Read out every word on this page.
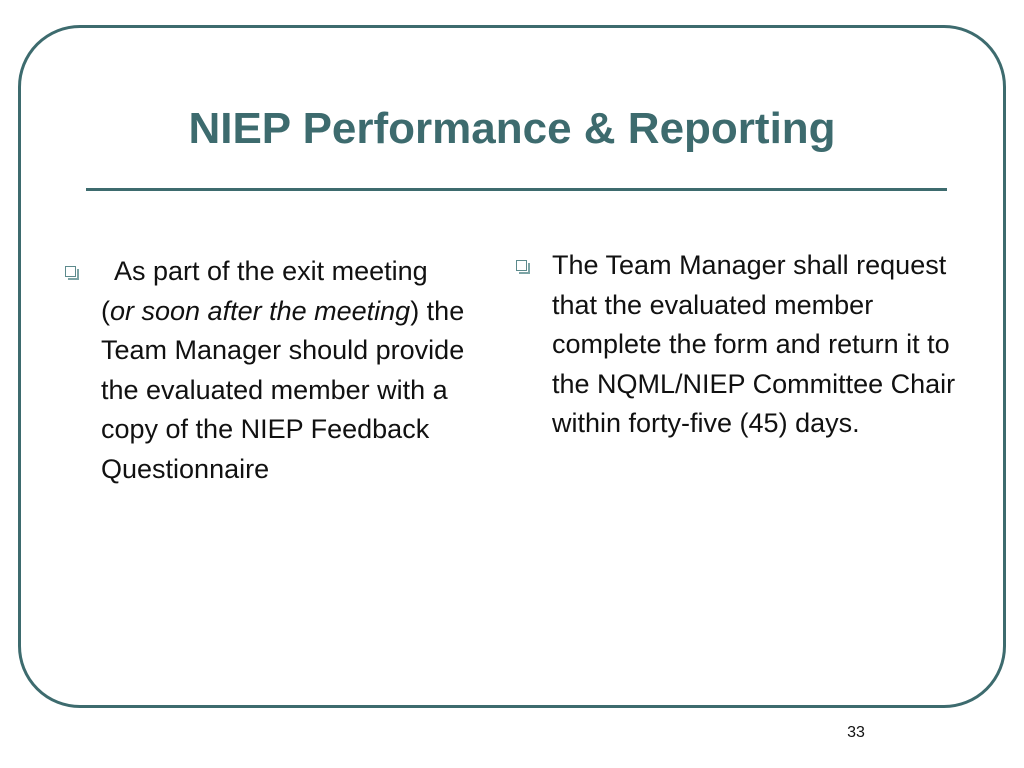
NIEP Performance & Reporting
As part of the exit meeting (or soon after the meeting) the Team Manager should provide the evaluated member with a copy of the NIEP Feedback Questionnaire
The Team Manager shall request that the evaluated member complete the form and return it to the NQML/NIEP Committee Chair within forty-five (45) days.
33
